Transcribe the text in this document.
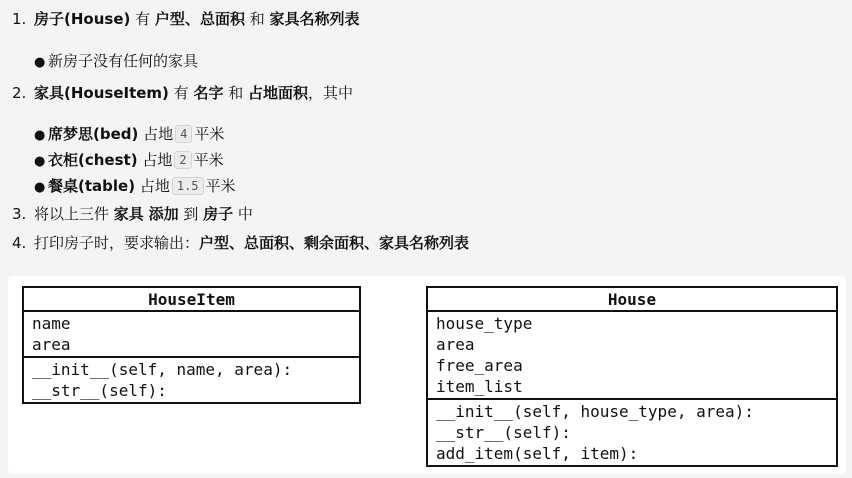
1. 房子(House) 有 户型、总面积 和 家具名称列表
● 新房子没有任何的家具
2. 家具(HouseItem) 有 名字 和 占地面积，其中
● 席梦思(bed) 占地 4 平米
● 衣柜(chest) 占地 2 平米
● 餐桌(table) 占地 1.5 平米
3. 将以上三件 家具 添加 到 房子 中
4. 打印房子时，要求输出：户型、总面积、剩余面积、家具名称列表
HouseItem
name
area
__init__(self, name, area):
__str__(self):
House
house_type
area
free_area
item_list
__init__(self, house_type, area):
__str__(self):
add_item(self, item):
